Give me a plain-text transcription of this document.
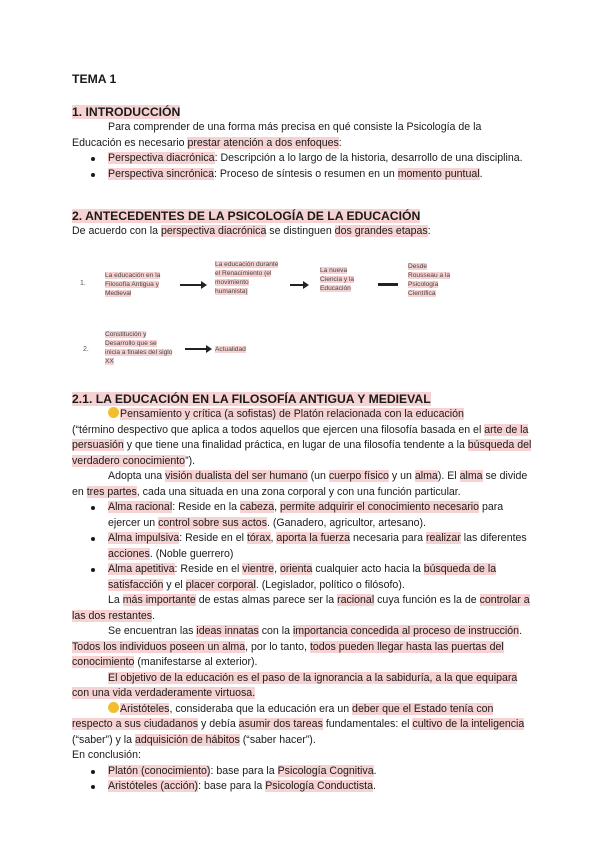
TEMA 1
1. INTRODUCCIÓN
Para comprender de una forma más precisa en qué consiste la Psicología de la Educación es necesario prestar atención a dos enfoques:
Perspectiva diacrónica: Descripción a lo largo de la historia, desarrollo de una disciplina.
Perspectiva sincrónica: Proceso de síntesis o resumen en un momento puntual.
2. ANTECEDENTES DE LA PSICOLOGÍA DE LA EDUCACIÓN
De acuerdo con la perspectiva diacrónica se distinguen dos grandes etapas:
1.
La educación en la Filosofía Antigua y Medieval
La educación durante el Renacimiento (el movimiento humanista)
La nueva Ciencia y la Educación
Desde Rousseau a la Psicología Científica
2.
Constitución y Desarrollo que se inicia a finales del siglo XX
Actualidad
2.1. LA EDUCACIÓN EN LA FILOSOFÍA ANTIGUA Y MEDIEVAL
Pensamiento y crítica (a sofistas) de Platón relacionada con la educación
(“término despectivo que aplica a todos aquellos que ejercen una filosofía basada en el arte de la persuasión y que tiene una finalidad práctica, en lugar de una filosofía tendente a la búsqueda del verdadero conocimiento”).
Adopta una visión dualista del ser humano (un cuerpo físico y un alma). El alma se divide en tres partes, cada una situada en una zona corporal y con una función particular.
Alma racional: Reside en la cabeza, permite adquirir el conocimiento necesario para ejercer un control sobre sus actos. (Ganadero, agricultor, artesano).
Alma impulsiva: Reside en el tórax, aporta la fuerza necesaria para realizar las diferentes acciones. (Noble guerrero)
Alma apetitiva: Reside en el vientre, orienta cualquier acto hacia la búsqueda de la satisfacción y el placer corporal. (Legislador, político o filósofo).
La más importante de estas almas parece ser la racional cuya función es la de controlar a las dos restantes.
Se encuentran las ideas innatas con la importancia concedida al proceso de instrucción. Todos los individuos poseen un alma, por lo tanto, todos pueden llegar hasta las puertas del conocimiento (manifestarse al exterior).
El objetivo de la educación es el paso de la ignorancia a la sabiduría, a la que equipara con una vida verdaderamente virtuosa.
Aristóteles, consideraba que la educación era un deber que el Estado tenía con respecto a sus ciudadanos y debía asumir dos tareas fundamentales: el cultivo de la inteligencia (“saber”) y la adquisición de hábitos (“saber hacer”).
En conclusión:
Platón (conocimiento): base para la Psicología Cognitiva.
Aristóteles (acción): base para la Psicología Conductista.
